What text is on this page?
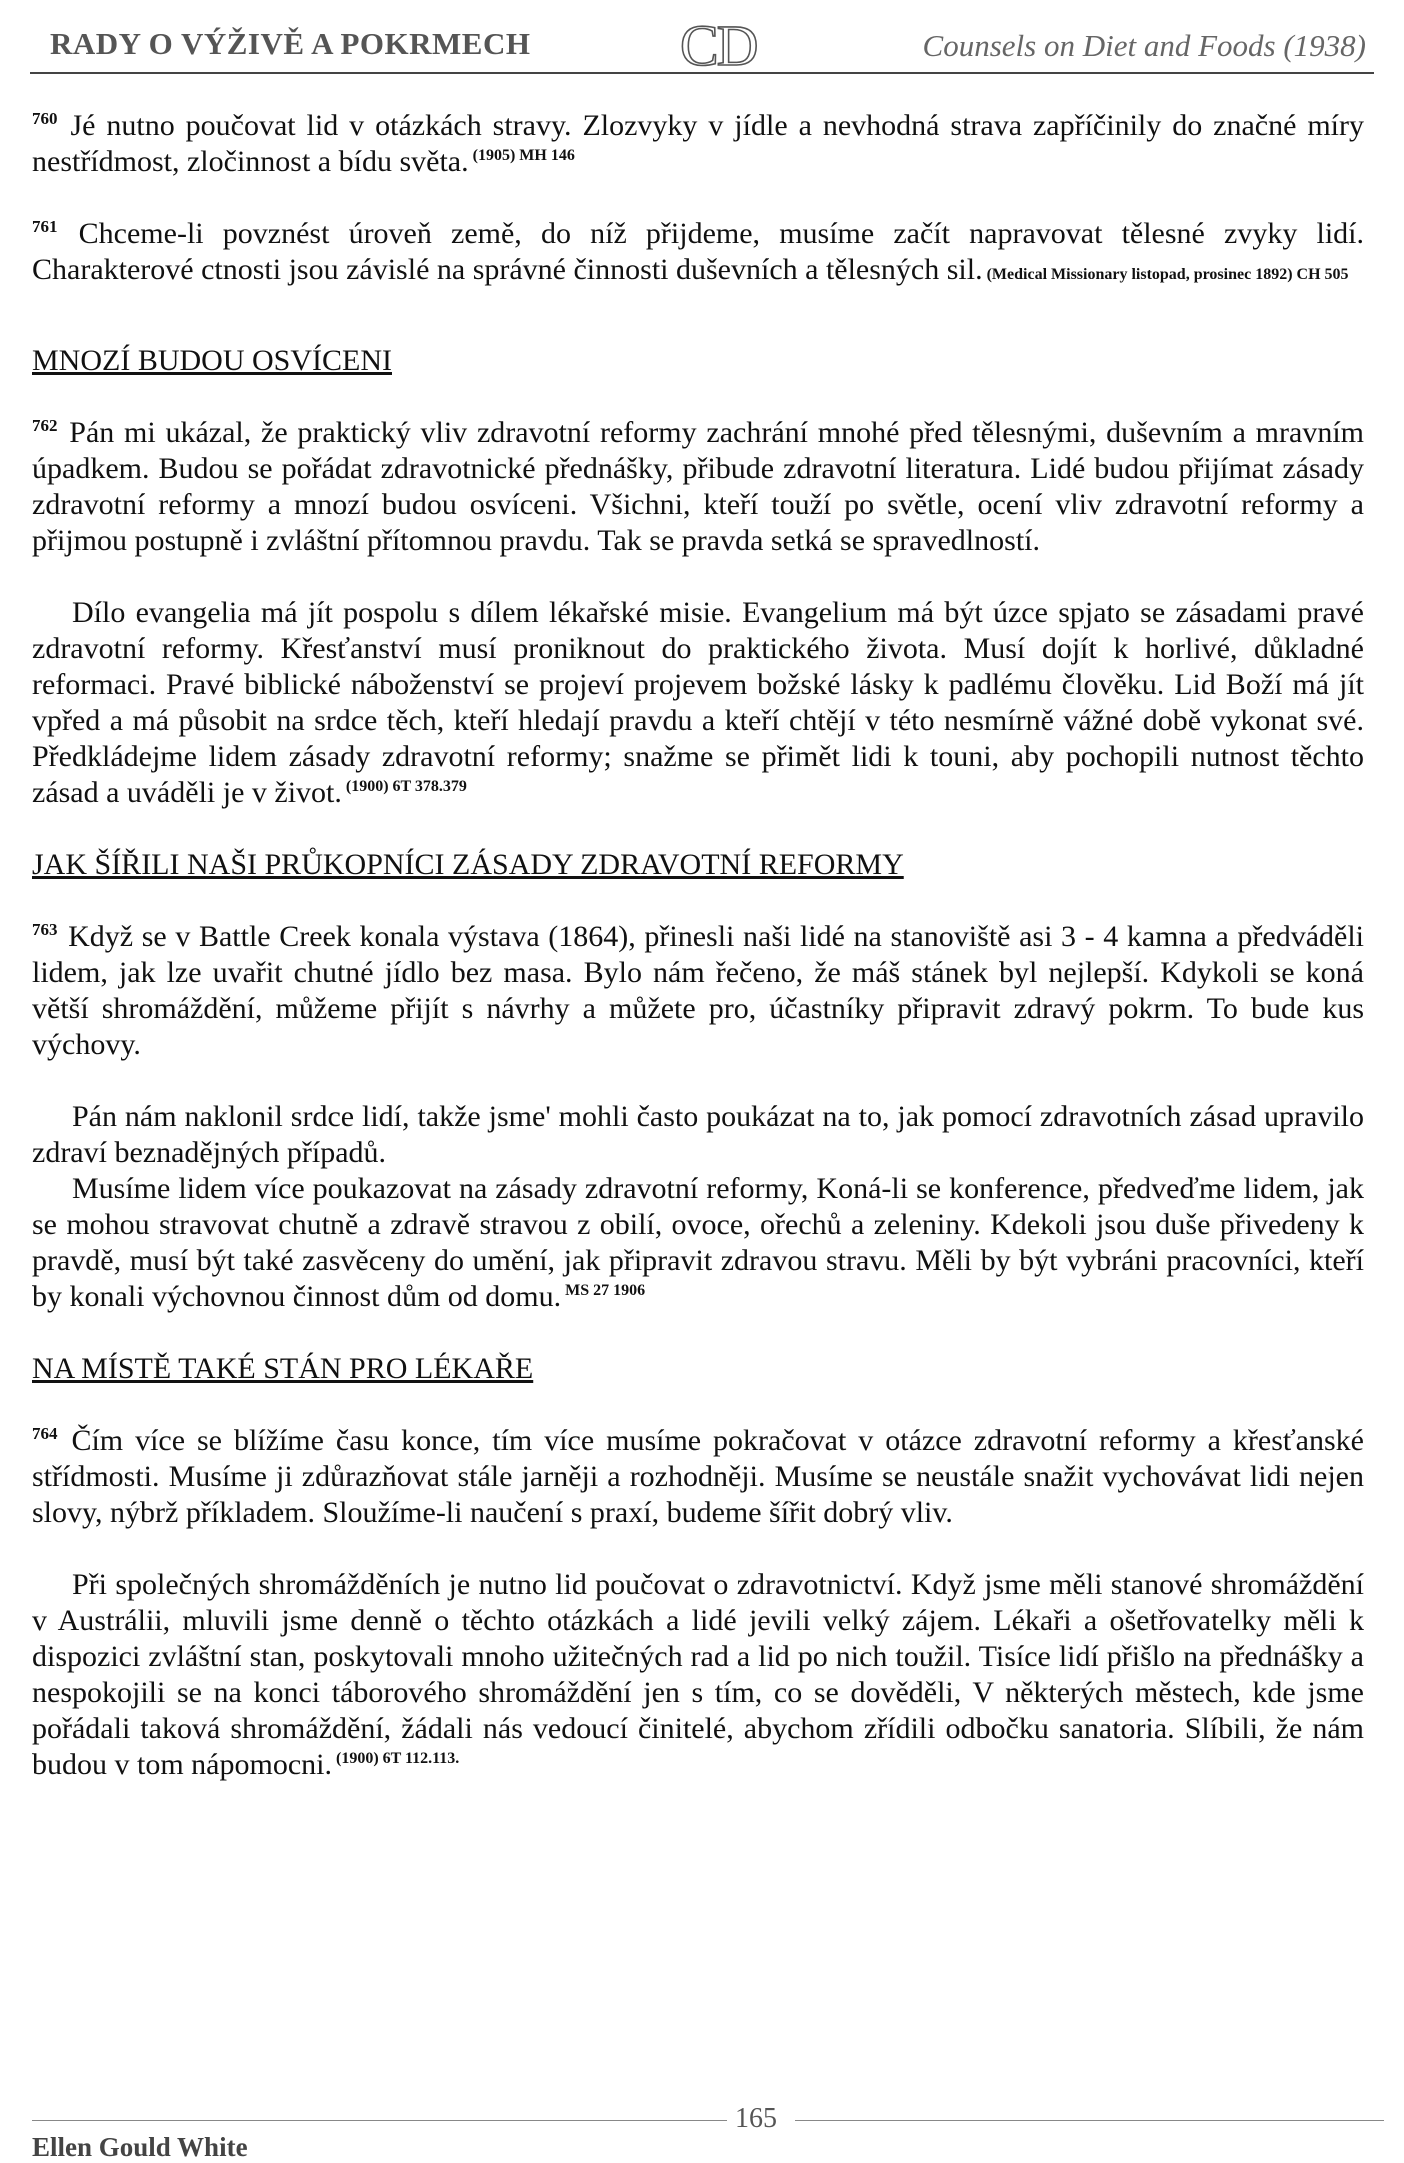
RADY O VÝŽIVĚ A POKRMECH	CD	Counsels on Diet and Foods (1938)

$^{760}$ Jé nutno poučovat lid v otázkách stravy. Zlozvyky v jídle a nevhodná strava zapříčinily do značné míry nestřídmost, zločinnost a bídu světa. $^{(1905) MH 146}$

$^{761}$ Chceme-li povznést úroveň země, do níž přijdeme, musíme začít napravovat tělesné zvyky lidí. Charakterové ctnosti jsou závislé na správné činnosti duševních a tělesných sil. (Medical Missionary listopad, prosinec 1892) CH 505

MNOZÍ BUDOU OSVÍCENI

$^{762}$ Pán mi ukázal, že praktický vliv zdravotní reformy zachrání mnohé před tělesnými, duševním a mravním úpadkem. Budou se pořádat zdravotnické přednášky, přibude zdravotní literatura. Lidé budou přijímat zásady zdravotní reformy a mnozí budou osvíceni. Všichni, kteří touží po světle, ocení vliv zdravotní reformy a přijmou postupně i zvláštní přítomnou pravdu. Tak se pravda setká se spravedlností.

Dílo evangelia má jít pospolu s dílem lékařské misie. Evangelium má být úzce spjato se zásadami pravé zdravotní reformy. Křesťanství musí proniknout do praktického života. Musí dojít k horlivé, důkladné reformaci. Pravé biblické náboženství se projeví projevem božské lásky k padlému člověku. Lid Boží má jít vpřed a má působit na srdce těch, kteří hledají pravdu a kteří chtějí v této nesmírně vážné době vykonat své. Předkládejme lidem zásady zdravotní reformy; snažme se přimět lidi k touni, aby pochopili nutnost těchto zásad a uváděli je v život. $^{(1900) 6T 378.379}$

JAK ŠÍŘILI NAŠI PRŮKOPNÍCI ZÁSADY ZDRAVOTNÍ REFORMY

$^{763}$ Když se v Battle Creek konala výstava (1864), přinesli naši lidé na stanoviště asi 3 - 4 kamna a předváděli lidem, jak lze uvařit chutné jídlo bez masa. Bylo nám řečeno, že máš stánek byl nejlepší. Kdykoli se koná větší shromáždění, můžeme přijít s návrhy a můžete pro, účastníky připravit zdravý pokrm. To bude kus výchovy.

Pán nám naklonil srdce lidí, takže jsme' mohli často poukázat na to, jak pomocí zdravotních zásad upravilo zdraví beznadějných případů.

Musíme lidem více poukazovat na zásady zdravotní reformy, Koná-li se konference, předveďme lidem, jak se mohou stravovat chutně a zdravě stravou z obilí, ovoce, ořechů a zeleniny. Kdekoli jsou duše přivedeny k pravdě, musí být také zasvěceny do umění, jak připravit zdravou stravu. Měli by být vybráni pracovníci, kteří by konali výchovnou činnost dům od domu. $^{MS 27 1906}$

NA MÍSTĚ TAKÉ STÁN PRO LÉKAŘE

$^{764}$ Čím více se blížíme času konce, tím více musíme pokračovat v otázce zdravotní reformy a křesťanské střídmosti. Musíme ji zdůrazňovat stále jarněji a rozhodněji. Musíme se neustále snažit vychovávat lidi nejen slovy, nýbrž příkladem. Sloužíme-li naučení s praxí, budeme šířit dobrý vliv.

Při společných shromážděních je nutno lid poučovat o zdravotnictví. Když jsme měli stanové shromáždění v Austrálii, mluvili jsme denně o těchto otázkách a lidé jevili velký zájem. Lékaři a ošetřovatelky měli k dispozici zvláštní stan, poskytovali mnoho užitečných rad a lid po nich toužil. Tisíce lidí přišlo na přednášky a nespokojili se na konci táborového shromáždění jen s tím, co se dověděli, V některých městech, kde jsme pořádali taková shromáždění, žádali nás vedoucí činitelé, abychom zřídili odbočku sanatoria. Slíbili, že nám budou v tom nápomocni. $^{(1900) 6T 112.113.}$

165
Ellen Gould White
